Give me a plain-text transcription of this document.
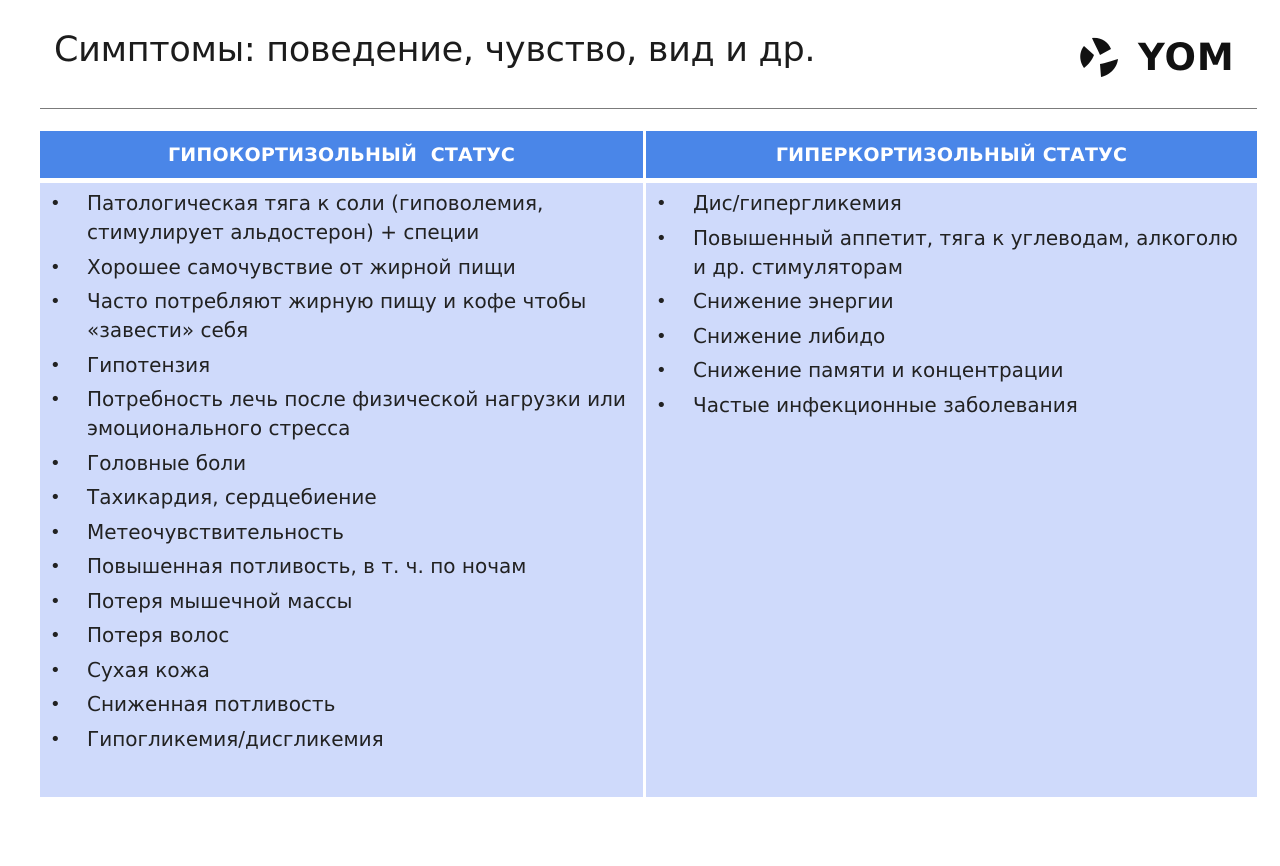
Симптомы: поведение, чувство, вид и др.	YOM
ГИПОКОРТИЗОЛЬНЫЙ  СТАТУС
• Патологическая тяга к соли (гиповолемия, стимулирует альдостерон) + специи
• Хорошее самочувствие от жирной пищи
• Часто потребляют жирную пищу и кофе чтобы «завести» себя
• Гипотензия
• Потребность лечь после физической нагрузки или эмоционального стресса
• Головные боли
• Тахикардия, сердцебиение
• Метеочувствительность
• Повышенная потливость, в т. ч. по ночам
• Потеря мышечной массы
• Потеря волос
• Сухая кожа
• Сниженная потливость
• Гипогликемия/дисгликемия
ГИПЕРКОРТИЗОЛЬНЫЙ СТАТУС
• Дис/гипергликемия
• Повышенный аппетит, тяга к углеводам, алкоголю и др. стимуляторам
• Снижение энергии
• Снижение либидо
• Снижение памяти и концентрации
• Частые инфекционные заболевания
